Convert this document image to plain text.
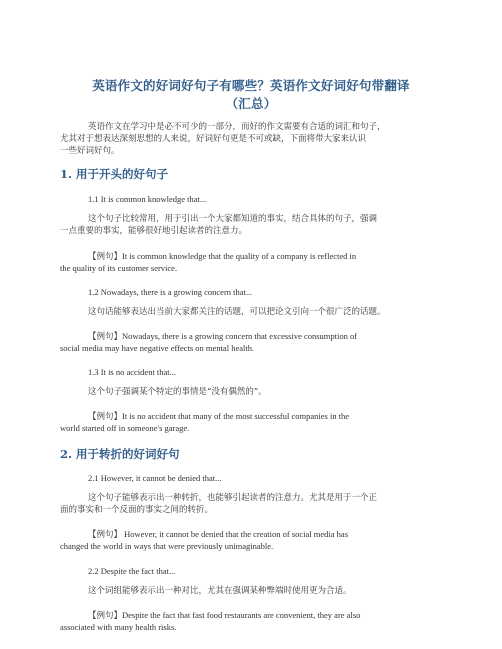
英语作文的好词好句子有哪些？英语作文好词好句带翻译
（汇总）
英语作文在学习中是必不可少的一部分，而好的作文需要有合适的词汇和句子，
尤其对于想表达深刻思想的人来说，好词好句更是不可或缺，下面将带大家来认识
一些好词好句。
1. 用于开头的好句子
1.1 It is common knowledge that...
这个句子比较常用，用于引出一个大家都知道的事实，结合具体的句子，强调
一点重要的事实，能够很好地引起读者的注意力。
【例句】It is common knowledge that the quality of a company is reflected in
the quality of its customer service.
1.2 Nowadays, there is a growing concern that...
这句话能够表达出当前大家都关注的话题，可以把论文引向一个很广泛的话题。
【例句】Nowadays, there is a growing concern that excessive consumption of
social media may have negative effects on mental health.
1.3 It is no accident that...
这个句子强调某个特定的事情是“没有偶然的”。
【例句】It is no accident that many of the most successful companies in the
world started off in someone's garage.
2. 用于转折的好词好句
2.1 However, it cannot be denied that...
这个句子能够表示出一种转折，也能够引起读者的注意力。尤其是用于一个正
面的事实和一个反面的事实之间的转折。
【例句】 However, it cannot be denied that the creation of social media has
changed the world in ways that were previously unimaginable.
2.2 Despite the fact that...
这个词组能够表示出一种对比，尤其在强调某种弊端时使用更为合适。
【例句】Despite the fact that fast food restaurants are convenient, they are also
associated with many health risks.
